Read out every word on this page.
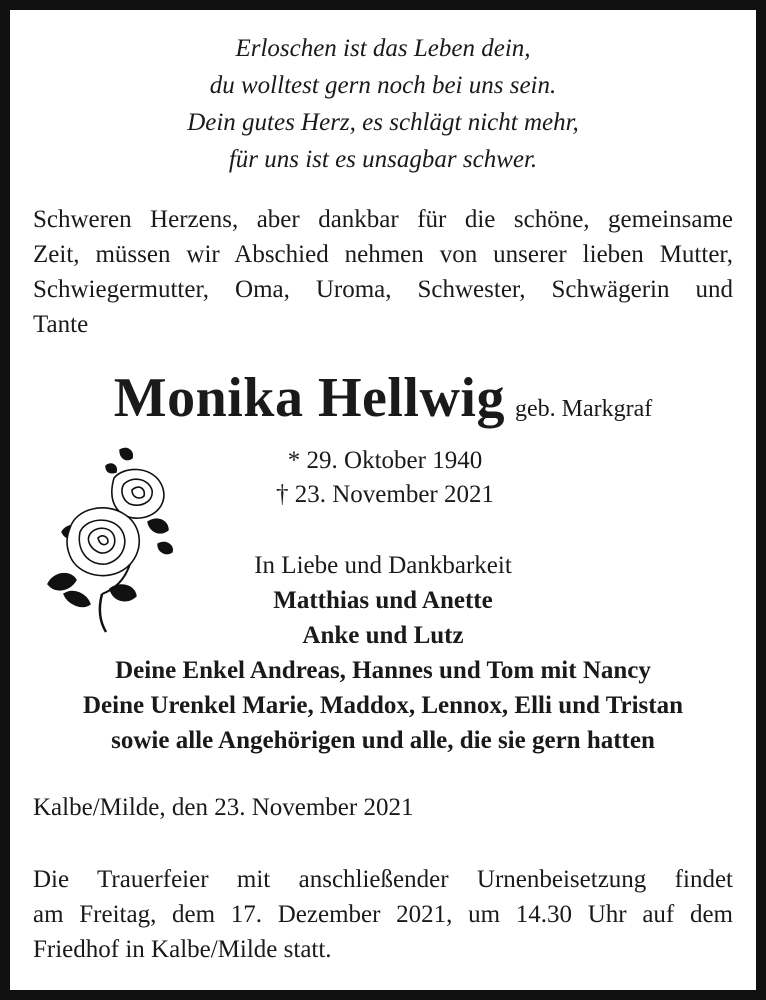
Erloschen ist das Leben dein,
du wolltest gern noch bei uns sein.
Dein gutes Herz, es schlägt nicht mehr,
für uns ist es unsagbar schwer.
Schweren Herzens, aber dankbar für die schöne, gemeinsame
Zeit, müssen wir Abschied nehmen von unserer lieben Mutter,
Schwiegermutter, Oma, Uroma, Schwester, Schwägerin und
Tante
Monika Hellwig geb. Markgraf
* 29. Oktober 1940
† 23. November 2021
In Liebe und Dankbarkeit
Matthias und Anette
Anke und Lutz
Deine Enkel Andreas, Hannes und Tom mit Nancy
Deine Urenkel Marie, Maddox, Lennox, Elli und Tristan
sowie alle Angehörigen und alle, die sie gern hatten
Kalbe/Milde, den 23. November 2021
Die Trauerfeier mit anschließender Urnenbeisetzung findet
am Freitag, dem 17. Dezember 2021, um 14.30 Uhr auf dem
Friedhof in Kalbe/Milde statt.
